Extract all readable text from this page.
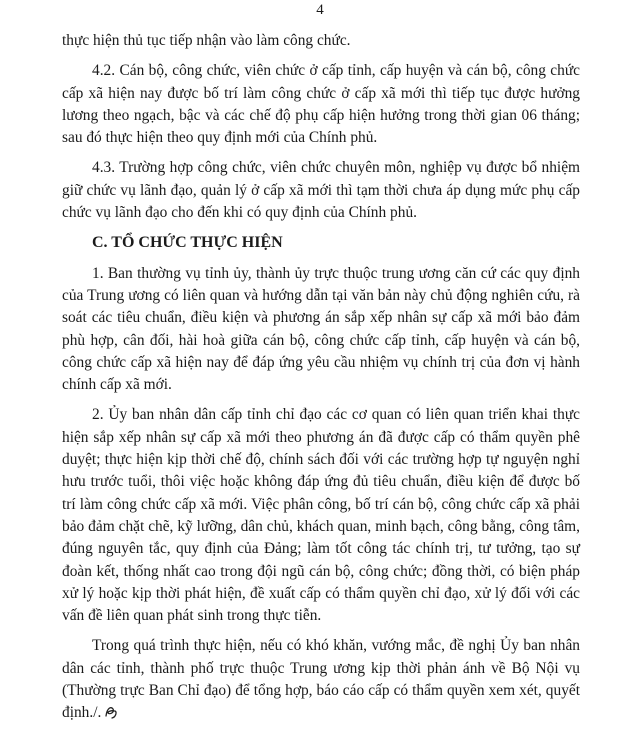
4

thực hiện thủ tục tiếp nhận vào làm công chức.

4.2. Cán bộ, công chức, viên chức ở cấp tỉnh, cấp huyện và cán bộ, công chức cấp xã hiện nay được bố trí làm công chức ở cấp xã mới thì tiếp tục được hưởng lương theo ngạch, bậc và các chế độ phụ cấp hiện hưởng trong thời gian 06 tháng; sau đó thực hiện theo quy định mới của Chính phủ.

4.3. Trường hợp công chức, viên chức chuyên môn, nghiệp vụ được bổ nhiệm giữ chức vụ lãnh đạo, quản lý ở cấp xã mới thì tạm thời chưa áp dụng mức phụ cấp chức vụ lãnh đạo cho đến khi có quy định của Chính phủ.

C. TỔ CHỨC THỰC HIỆN

1. Ban thường vụ tỉnh ủy, thành ủy trực thuộc trung ương căn cứ các quy định của Trung ương có liên quan và hướng dẫn tại văn bản này chủ động nghiên cứu, rà soát các tiêu chuẩn, điều kiện và phương án sắp xếp nhân sự cấp xã mới bảo đảm phù hợp, cân đối, hài hoà giữa cán bộ, công chức cấp tỉnh, cấp huyện và cán bộ, công chức cấp xã hiện nay để đáp ứng yêu cầu nhiệm vụ chính trị của đơn vị hành chính cấp xã mới.

2. Ủy ban nhân dân cấp tỉnh chỉ đạo các cơ quan có liên quan triển khai thực hiện sắp xếp nhân sự cấp xã mới theo phương án đã được cấp có thẩm quyền phê duyệt; thực hiện kịp thời chế độ, chính sách đối với các trường hợp tự nguyện nghỉ hưu trước tuổi, thôi việc hoặc không đáp ứng đủ tiêu chuẩn, điều kiện để được bố trí làm công chức cấp xã mới. Việc phân công, bố trí cán bộ, công chức cấp xã phải bảo đảm chặt chẽ, kỹ lưỡng, dân chủ, khách quan, minh bạch, công bằng, công tâm, đúng nguyên tắc, quy định của Đảng; làm tốt công tác chính trị, tư tưởng, tạo sự đoàn kết, thống nhất cao trong đội ngũ cán bộ, công chức; đồng thời, có biện pháp xử lý hoặc kịp thời phát hiện, đề xuất cấp có thẩm quyền chỉ đạo, xử lý đối với các vấn đề liên quan phát sinh trong thực tiễn.

Trong quá trình thực hiện, nếu có khó khăn, vướng mắc, đề nghị Ủy ban nhân dân các tỉnh, thành phố trực thuộc Trung ương kịp thời phản ánh về Bộ Nội vụ (Thường trực Ban Chỉ đạo) để tổng hợp, báo cáo cấp có thẩm quyền xem xét, quyết định./.
